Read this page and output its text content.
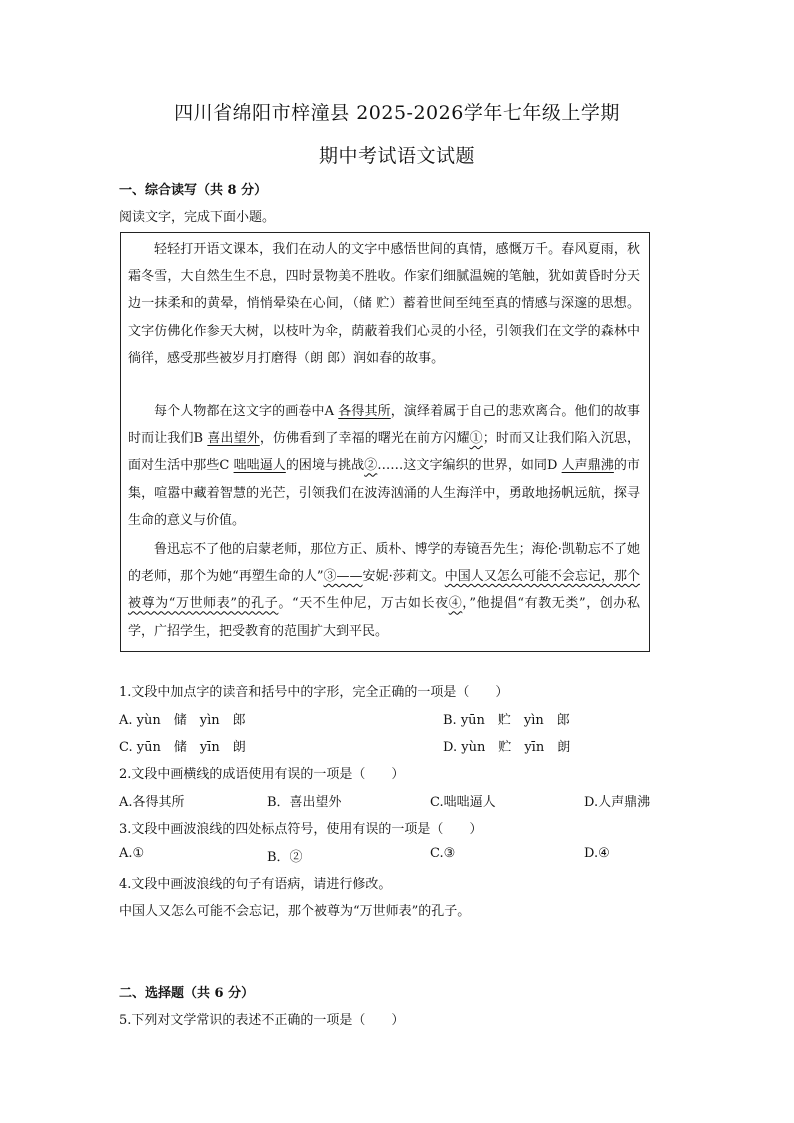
四川省绵阳市梓潼县 2025-2026学年七年级上学期
期中考试语文试题
一、综合读写（共 8 分）
阅读文字，完成下面小题。
轻轻打开语文课本，我们在动人的文字中感悟世间的真情，感慨万千。春风夏雨，秋霜冬雪，大自然生生不息，四时景物美不胜收。作家们细腻温婉的笔触，犹如黄昏时分天边一抹柔和的黄晕，悄悄晕染在心间，（储 贮）蓄着世间至纯至真的情感与深邃的思想。文字仿佛化作参天大树，以枝叶为伞，荫蔽着我们心灵的小径，引领我们在文学的森林中徜徉，感受那些被岁月打磨得（朗 郎）润如春的故事。
每个人物都在这文字的画卷中A 各得其所，演绎着属于自己的悲欢离合。他们的故事时而让我们B 喜出望外，仿佛看到了幸福的曙光在前方闪耀①；时而又让我们陷入沉思，面对生活中那些C 咄咄逼人的困境与挑战②……这文字编织的世界，如同D 人声鼎沸的市集，喧嚣中藏着智慧的光芒，引领我们在波涛汹涌的人生海洋中，勇敢地扬帆远航，探寻生命的意义与价值。
鲁迅忘不了他的启蒙老师，那位方正、质朴、博学的寿镜吾先生；海伦·凯勒忘不了她的老师，那个为她“再塑生命的人”③——安妮·莎莉文。中国人又怎么可能不会忘记，那个被尊为“万世师表”的孔子。“天不生仲尼，万古如长夜④，”他提倡“有教无类”，创办私学，广招学生，把受教育的范围扩大到平民。
1.文段中加点字的读音和括号中的字形，完全正确的一项是（　　）
A. yùn　储　yìn　郎	B. yūn　贮　yìn　郎
C. yūn　储　yīn　朗	D. yùn　贮　yīn　朗
2.文段中画横线的成语使用有误的一项是（　　）
A.各得其所	B．喜出望外	C.咄咄逼人	D.人声鼎沸
3.文段中画波浪线的四处标点符号，使用有误的一项是（　　）
A.①	B．②	C.③	D.④
4.文段中画波浪线的句子有语病，请进行修改。
中国人又怎么可能不会忘记，那个被尊为“万世师表”的孔子。
二、选择题（共 6 分）
5.下列对文学常识的表述不正确的一项是（　　）
